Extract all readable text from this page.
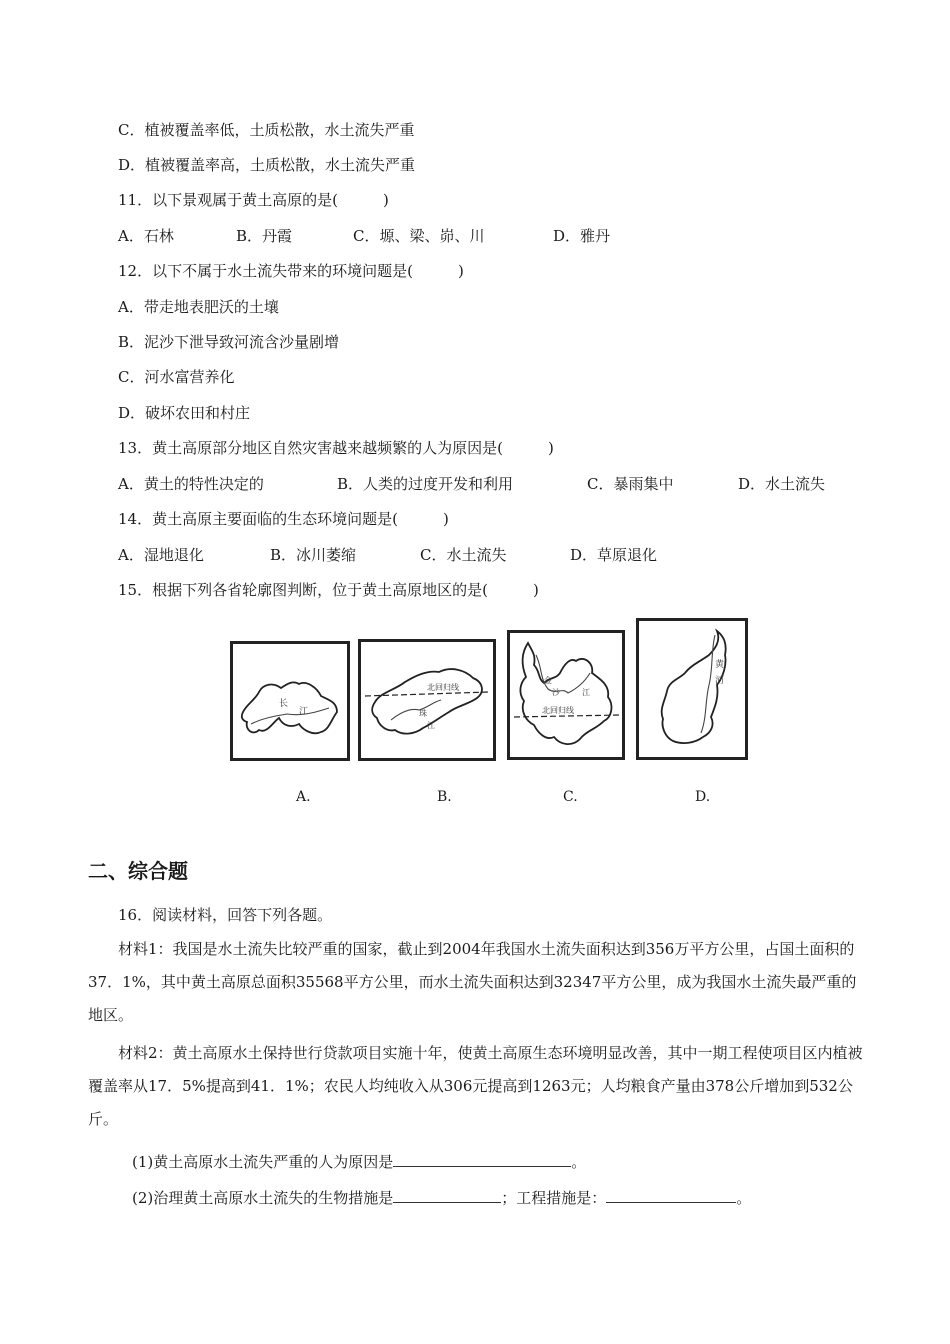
C．植被覆盖率低，土质松散，水土流失严重
D．植被覆盖率高，土质松散，水土流失严重
11．以下景观属于黄土高原的是(　　　)
A．石林	B．丹霞	C．塬、梁、峁、川	D．雅丹
12．以下不属于水土流失带来的环境问题是(　　　)
A．带走地表肥沃的土壤
B．泥沙下泄导致河流含沙量剧增
C．河水富营养化
D．破坏农田和村庄
13．黄土高原部分地区自然灾害越来越频繁的人为原因是(　　　)
A．黄土的特性决定的	B．人类的过度开发和利用	C．暴雨集中	D．水土流失
14．黄土高原主要面临的生态环境问题是(　　　)
A．湿地退化	B．冰川萎缩	C．水土流失	D．草原退化
15．根据下列各省轮廓图判断，位于黄土高原地区的是(　　　)
长
江
北回归线
珠
江
金
沙	江
北回归线
黄
河
A.	B.	C.	D.
二、综合题
16．阅读材料，回答下列各题。
材料1：我国是水土流失比较严重的国家，截止到2004年我国水土流失面积达到356万平方公里，占国土面积的37．1%，其中黄土高原总面积35568平方公里，而水土流失面积达到32347平方公里，成为我国水土流失最严重的地区。
材料2：黄土高原水土保持世行贷款项目实施十年，使黄土高原生态环境明显改善，其中一期工程使项目区内植被覆盖率从17．5%提高到41．1%；农民人均纯收入从306元提高到1263元；人均粮食产量由378公斤增加到532公斤。
(1)黄土高原水土流失严重的人为原因是	。
(2)治理黄土高原水土流失的生物措施是	；工程措施是：	。
